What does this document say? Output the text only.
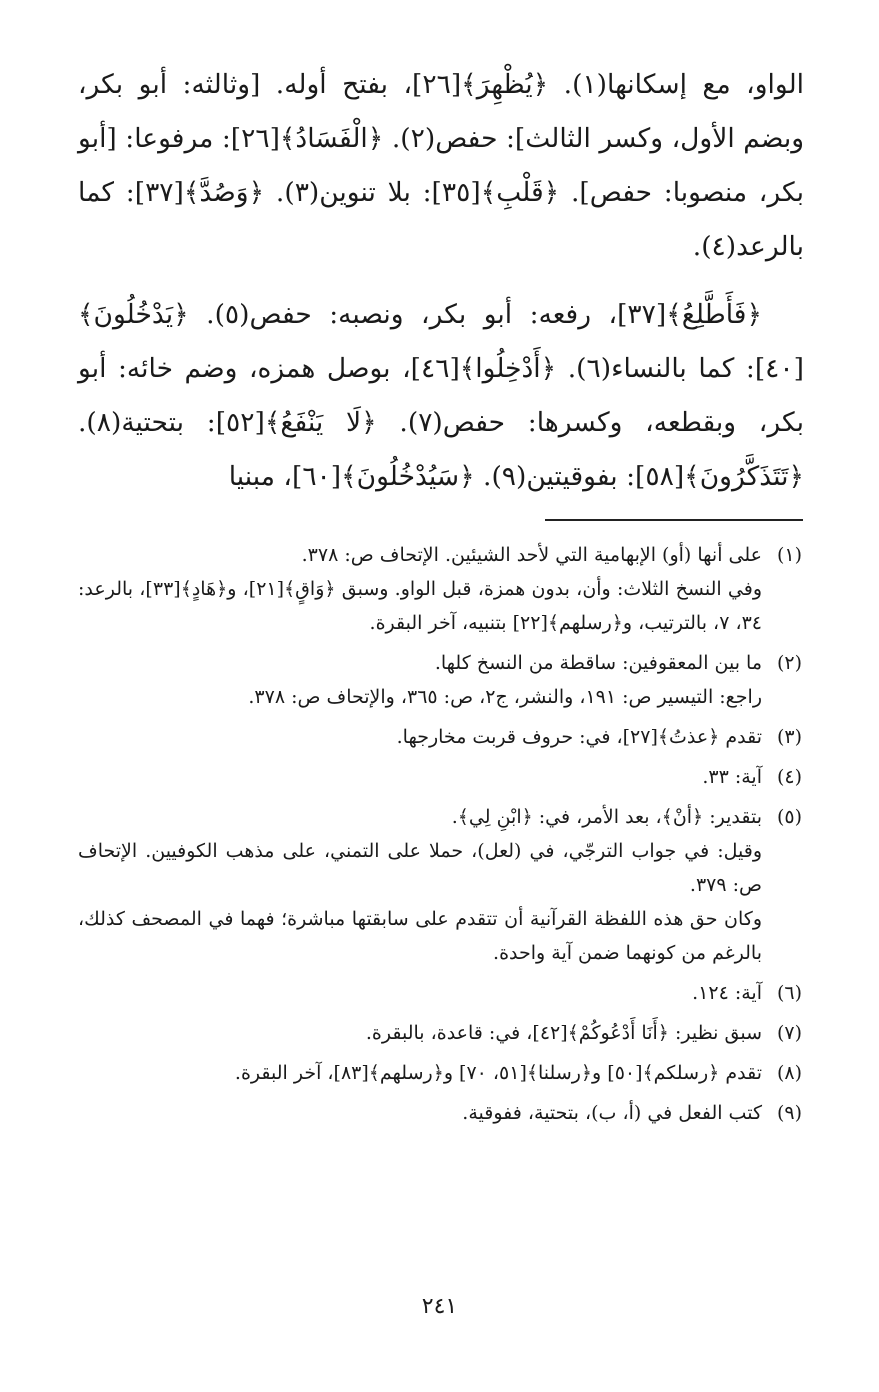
الواو، مع إسكانها(١). ﴿يُظْهِرَ﴾[٢٦]، بفتح أوله. [وثالثه: أبو بكر، وبضم الأول، وكسر الثالث]: حفص(٢). ﴿الْفَسَادُ﴾[٢٦]: مرفوعا: [أبو بكر، منصوبا: حفص]. ﴿قَلْبِ﴾[٣٥]: بلا تنوين(٣). ﴿وَصُدَّ﴾[٣٧]: كما بالرعد(٤).

﴿فَأَطَّلِعُ﴾[٣٧]، رفعه: أبو بكر، ونصبه: حفص(٥). ﴿يَدْخُلُونَ﴾[٤٠]: كما بالنساء(٦). ﴿أَدْخِلُوا﴾[٤٦]، بوصل همزه، وضم خائه: أبو بكر، وبقطعه، وكسرها: حفص(٧). ﴿لَا يَنْفَعُ﴾[٥٢]: بتحتية(٨). ﴿تَتَذَكَّرُونَ﴾[٥٨]: بفوقيتين(٩). ﴿سَيُدْخُلُونَ﴾[٦٠]، مبنيا

(١)

على أنها (أو) الإبهامية التي لأحد الشيئين. الإتحاف ص: ٣٧٨.

وفي النسخ الثلاث: وأن، بدون همزة، قبل الواو. وسبق ﴿وَاقٍ﴾[٢١]، و﴿هَادٍ﴾[٣٣]، بالرعد: ٣٤، ٧، بالترتيب، و﴿رسلهم﴾[٢٢] بتنبيه، آخر البقرة.

(٢)

ما بين المعقوفين: ساقطة من النسخ كلها.

راجع: التيسير ص: ١٩١، والنشر، ج٢، ص: ٣٦٥، والإتحاف ص: ٣٧٨.

(٣)

تقدم ﴿عذتُ﴾[٢٧]، في: حروف قربت مخارجها.

(٤)

آية: ٣٣.

(٥)

بتقدير: ﴿أنْ﴾، بعد الأمر، في: ﴿ابْنِ لِي﴾.

وقيل: في جواب الترجّي، في (لعل)، حملا على التمني، على مذهب الكوفيين. الإتحاف ص: ٣٧٩.

وكان حق هذه اللفظة القرآنية أن تتقدم على سابقتها مباشرة؛ فهما في المصحف كذلك، بالرغم من كونهما ضمن آية واحدة.

(٦)

آية: ١٢٤.

(٧)

سبق نظير: ﴿أَنَا أَدْعُوكُمْ﴾[٤٢]، في: قاعدة، بالبقرة.

(٨)

تقدم ﴿رسلكم﴾[٥٠] و﴿رسلنا﴾[٥١، ٧٠] و﴿رسلهم﴾[٨٣]، آخر البقرة.

(٩)

كتب الفعل في (أ، ب)، بتحتية، ففوقية.

٢٤١
